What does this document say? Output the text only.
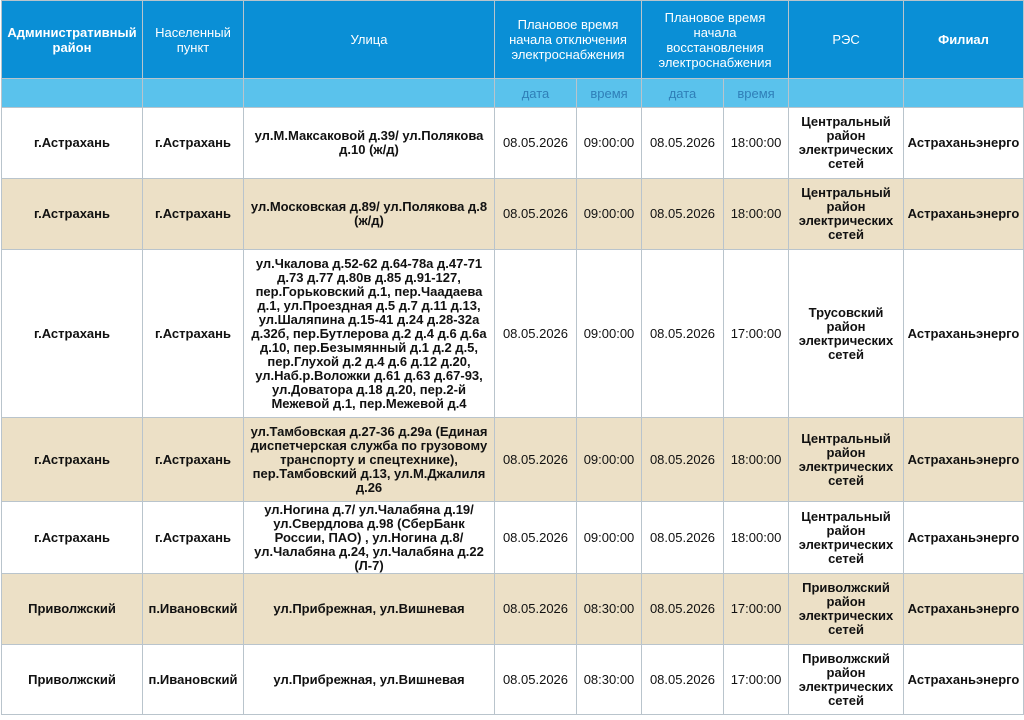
Административный район	Населенный пункт	Улица	Плановое время начала отключения электроснабжения		Плановое время начала восстановления электроснабжения		РЭС	Филиал
			дата	время	дата	время		
г.Астрахань	г.Астрахань	ул.М.Максаковой д.39/ ул.Полякова д.10 (ж/д)	08.05.2026	09:00:00	08.05.2026	18:00:00	Центральный район электрических сетей	Астраханьэнерго
г.Астрахань	г.Астрахань	ул.Московская д.89/ ул.Полякова д.8 (ж/д)	08.05.2026	09:00:00	08.05.2026	18:00:00	Центральный район электрических сетей	Астраханьэнерго
г.Астрахань	г.Астрахань	ул.Чкалова д.52-62 д.64-78а д.47-71 д.73 д.77 д.80в д.85 д.91-127, пер.Горьковский д.1, пер.Чаадаева д.1, ул.Проездная д.5 д.7 д.11 д.13, ул.Шаляпина д.15-41 д.24 д.28-32а д.32б, пер.Бутлерова д.2 д.4 д.6 д.6а д.10, пер.Безымянный д.1 д.2 д.5, пер.Глухой д.2 д.4 д.6 д.12 д.20, ул.Наб.р.Воложки д.61 д.63 д.67-93, ул.Доватора д.18 д.20, пер.2-й Межевой д.1, пер.Межевой д.4	08.05.2026	09:00:00	08.05.2026	17:00:00	Трусовский район электрических сетей	Астраханьэнерго
г.Астрахань	г.Астрахань	ул.Тамбовская д.27-36 д.29а (Единая диспетчерская служба по грузовому транспорту и спецтехнике), пер.Тамбовский д.13, ул.М.Джалиля д.26	08.05.2026	09:00:00	08.05.2026	18:00:00	Центральный район электрических сетей	Астраханьэнерго
г.Астрахань	г.Астрахань	ул.Ногина д.7/ ул.Чалабяна д.19/ ул.Свердлова д.98 (СберБанк России, ПАО) , ул.Ногина д.8/ ул.Чалабяна д.24, ул.Чалабяна д.22 (Л-7)	08.05.2026	09:00:00	08.05.2026	18:00:00	Центральный район электрических сетей	Астраханьэнерго
Приволжский	п.Ивановский	ул.Прибрежная, ул.Вишневая	08.05.2026	08:30:00	08.05.2026	17:00:00	Приволжский район электрических сетей	Астраханьэнерго
Приволжский	п.Ивановский	ул.Прибрежная, ул.Вишневая	08.05.2026	08:30:00	08.05.2026	17:00:00	Приволжский район электрических сетей	Астраханьэнерго
